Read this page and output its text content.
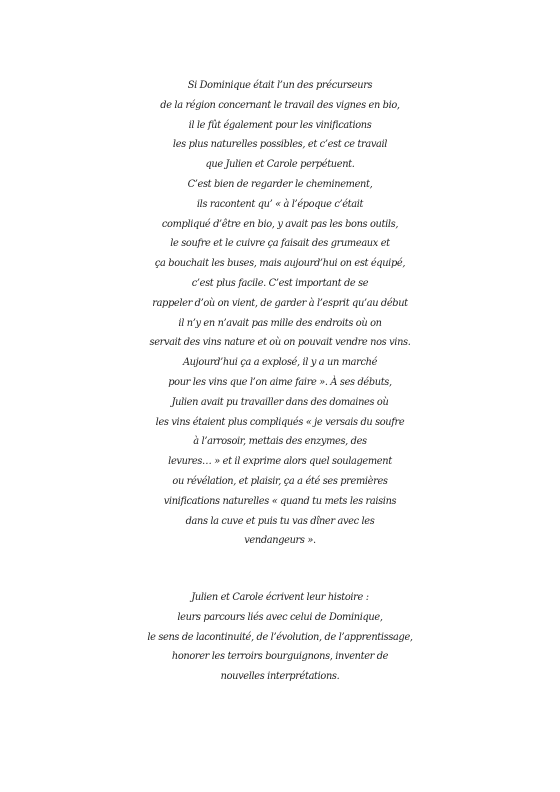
Si Dominique était l’un des précurseurs
de la région concernant le travail des vignes en bio,
il le fût également pour les vinifications
les plus naturelles possibles, et c’est ce travail
que Julien et Carole perpétuent.
C’est bien de regarder le cheminement,
ils racontent qu’ « à l’époque c’était
compliqué d’être en bio, y avait pas les bons outils,
le soufre et le cuivre ça faisait des grumeaux et
ça bouchait les buses, mais aujourd’hui on est équipé,
c’est plus facile. C’est important de se
rappeler d’où on vient, de garder à l’esprit qu’au début
il n’y en n’avait pas mille des endroits où on
servait des vins nature et où on pouvait vendre nos vins.
Aujourd’hui ça a explosé, il y a un marché
pour les vins que l’on aime faire ». À ses débuts,
Julien avait pu travailler dans des domaines où
les vins étaient plus compliqués « je versais du soufre
à l’arrosoir, mettais des enzymes, des
levures… » et il exprime alors quel soulagement
ou révélation, et plaisir, ça a été ses premières
vinifications naturelles « quand tu mets les raisins
dans la cuve et puis tu vas dîner avec les
vendangeurs ».
Julien et Carole écrivent leur histoire :
leurs parcours liés avec celui de Dominique,
le sens de lacontinuité, de l’évolution, de l’apprentissage,
honorer les terroirs bourguignons, inventer de
nouvelles interprétations.
